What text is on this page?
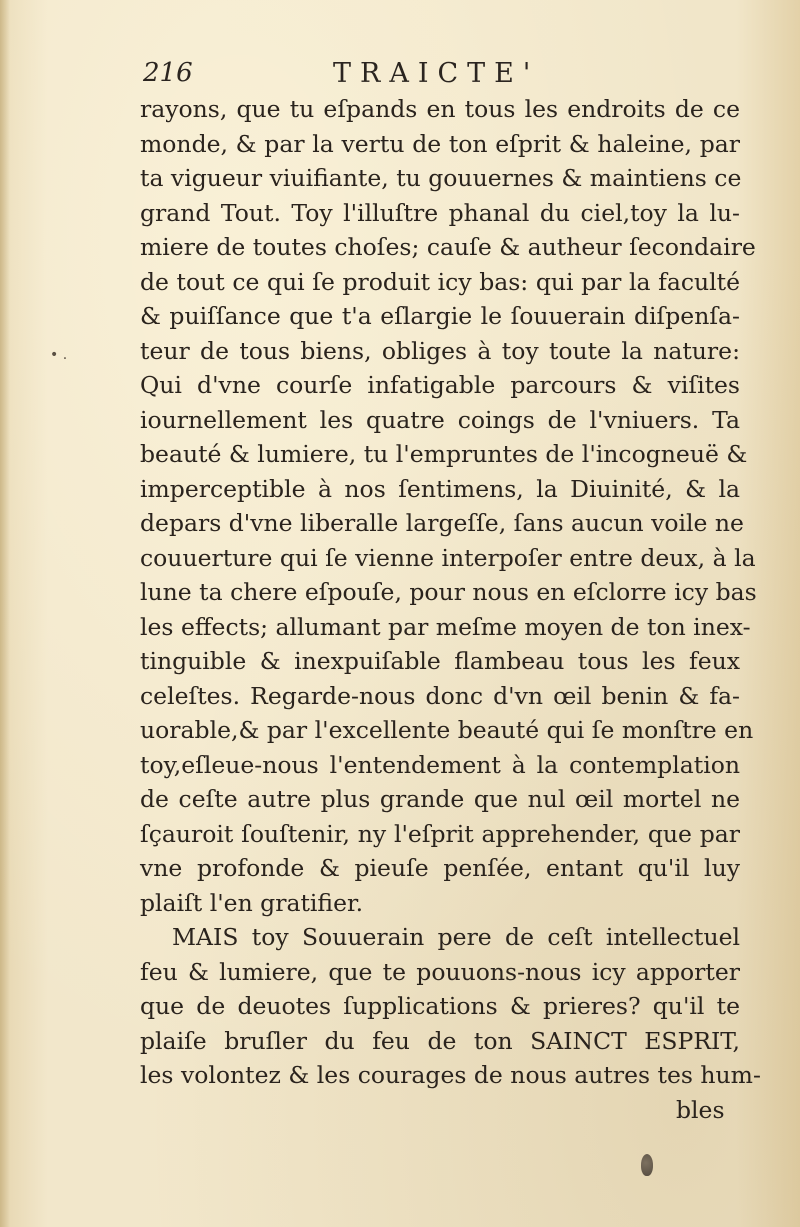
216	TRAICTE'
• .
rayons, que tu eſpands en tous les endroits de ce
monde, & par la vertu de ton eſprit & haleine, par
ta vigueur viuifiante, tu gouuernes & maintiens ce
grand Tout. Toy l'illuſtre phanal du ciel,toy la lu-
miere de toutes choſes; cauſe & autheur ſecondaire
de tout ce qui ſe produit icy bas: qui par la faculté
& puiſſance que t'a eſlargie le ſouuerain diſpenſa-
teur de tous biens, obliges à toy toute la nature:
Qui d'vne courſe infatigable parcours & viſites
iournellement les quatre coings de l'vniuers. Ta
beauté & lumiere, tu l'empruntes de l'incogneuë &
imperceptible à nos ſentimens, la Diuinité, & la
depars d'vne liberalle largeſſe, ſans aucun voile ne
couuerture qui ſe vienne interpoſer entre deux, à la
lune ta chere eſpouſe, pour nous en eſclorre icy bas
les effects; allumant par meſme moyen de ton inex-
tinguible & inexpuiſable flambeau tous les feux
celeſtes. Regarde-nous donc d'vn œil benin & fa-
uorable,& par l'excellente beauté qui ſe monſtre en
toy,eſleue-nous l'entendement à la contemplation
de ceſte autre plus grande que nul œil mortel ne
ſçauroit ſouſtenir, ny l'eſprit apprehender, que par
vne profonde & pieuſe penſée, entant qu'il luy
plaiſt l'en gratifier.
MAIS toy Souuerain pere de ceſt intellectuel
feu & lumiere, que te pouuons-nous icy apporter
que de deuotes ſupplications & prieres? qu'il te
plaiſe bruſler du feu de ton SAINCT ESPRIT,
les volontez & les courages de nous autres tes hum-
bles
